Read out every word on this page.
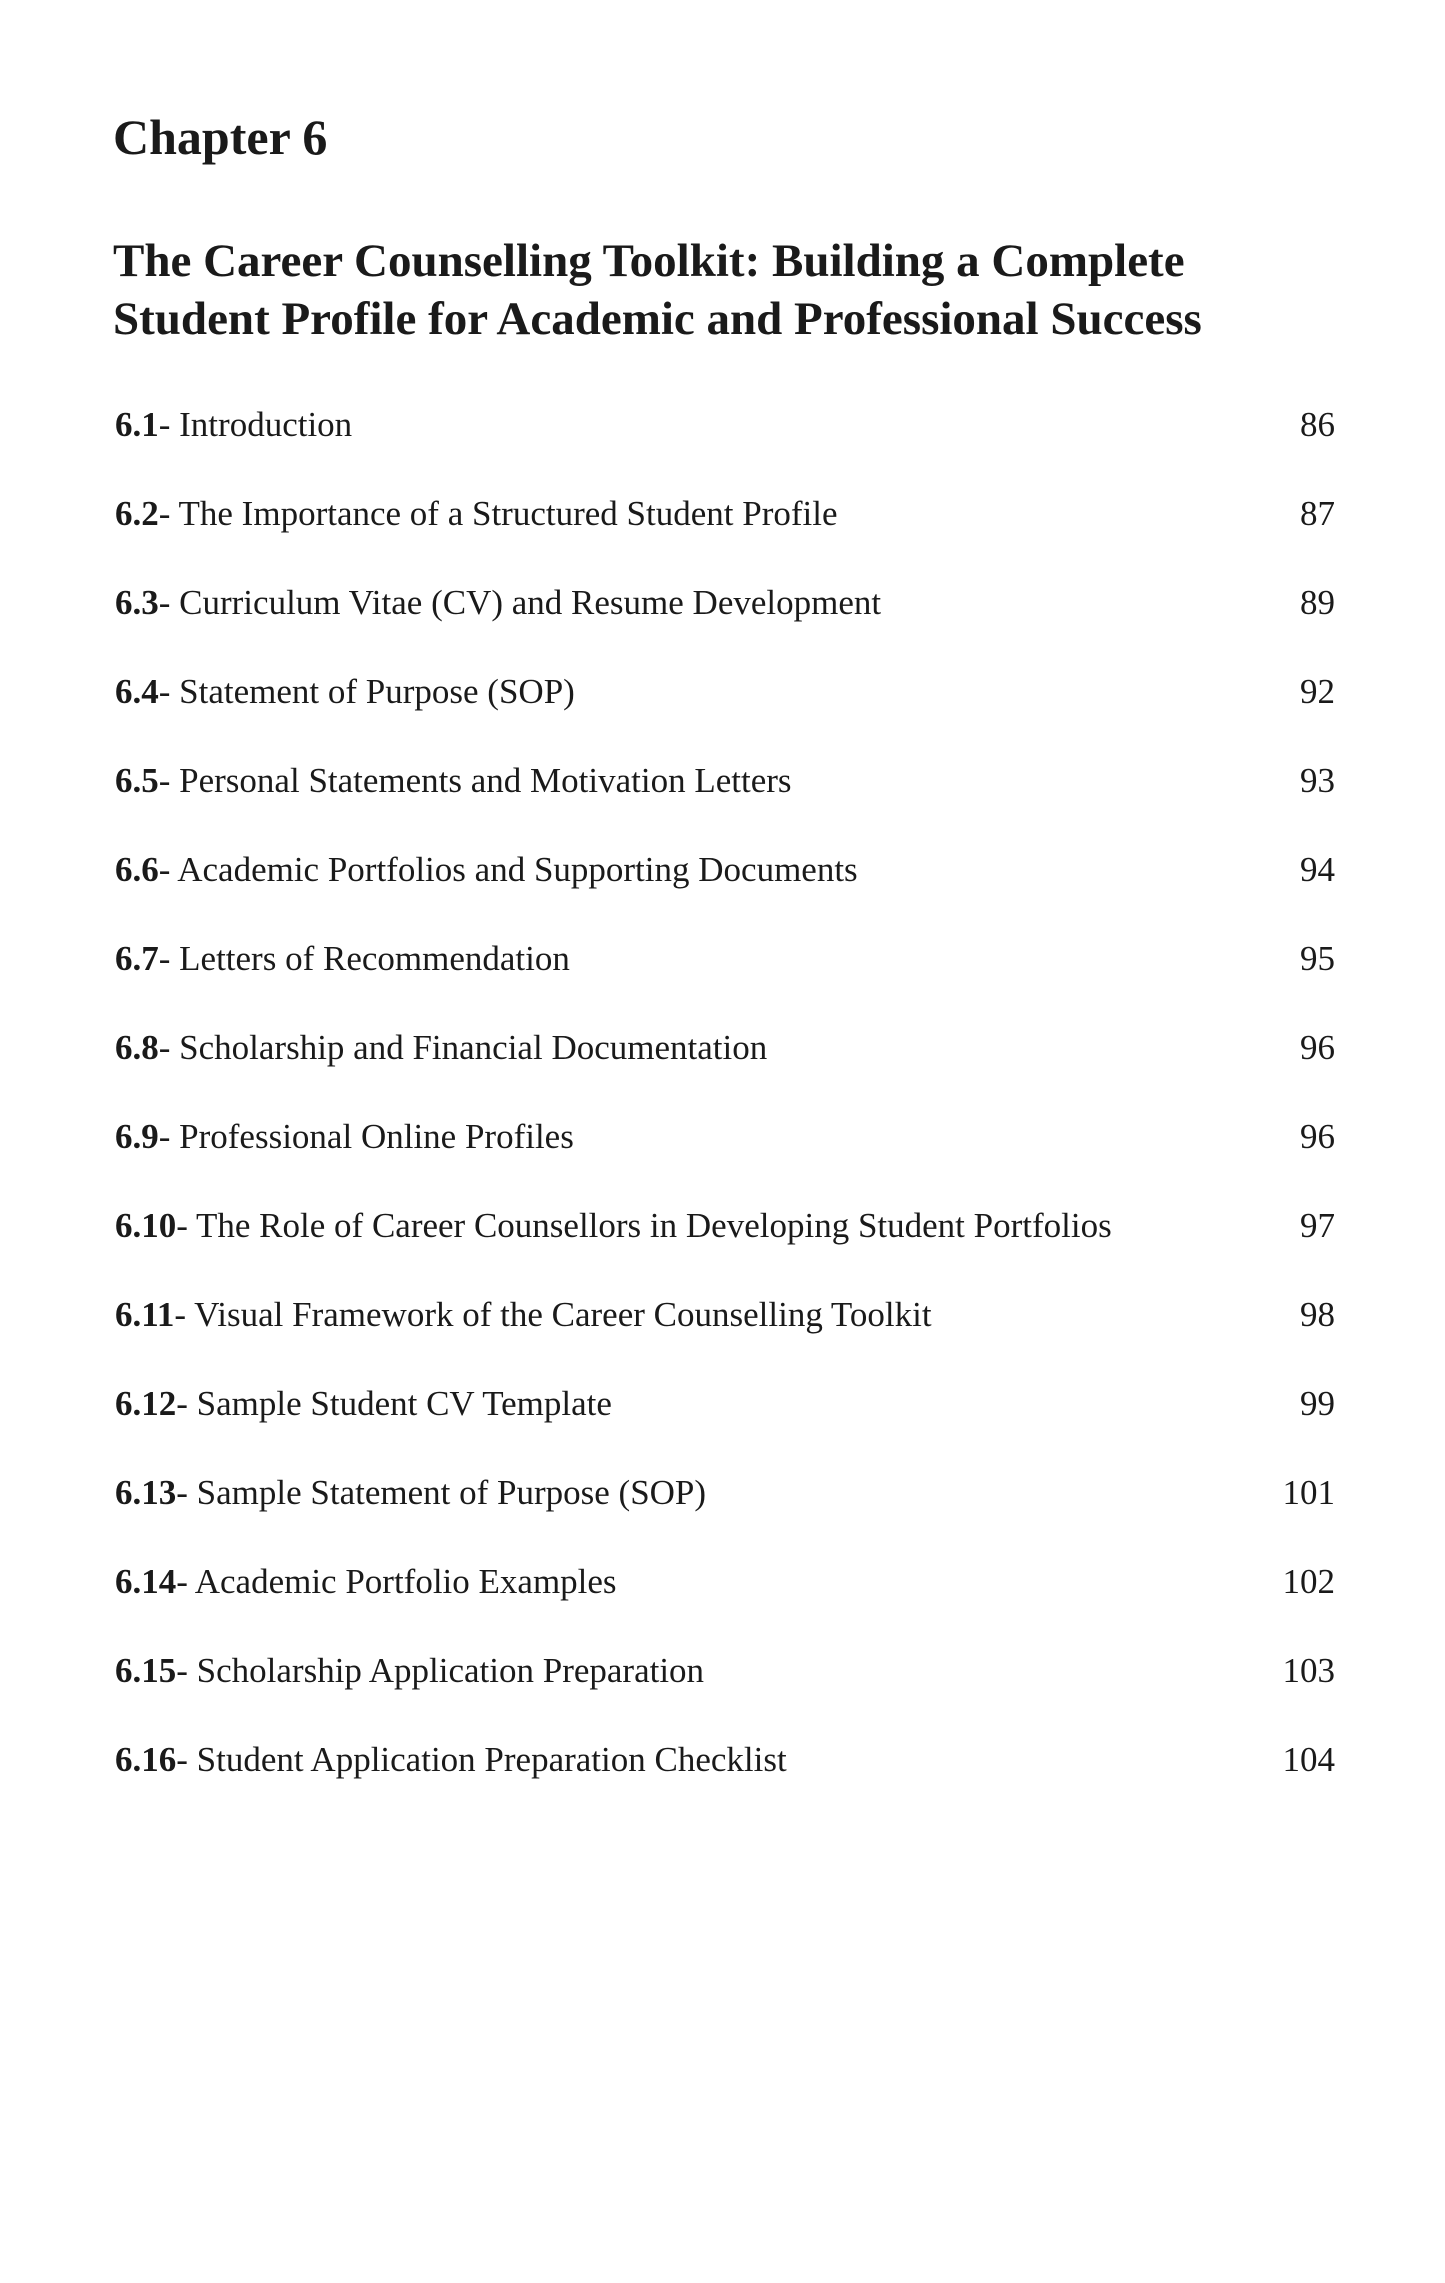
Chapter 6
The Career Counselling Toolkit: Building a Complete Student Profile for Academic and Professional Success
6.1- Introduction	86
6.2- The Importance of a Structured Student Profile	87
6.3- Curriculum Vitae (CV) and Resume Development	89
6.4- Statement of Purpose (SOP)	92
6.5- Personal Statements and Motivation Letters	93
6.6- Academic Portfolios and Supporting Documents	94
6.7- Letters of Recommendation	95
6.8- Scholarship and Financial Documentation	96
6.9- Professional Online Profiles	96
6.10- The Role of Career Counsellors in Developing Student Portfolios	97
6.11- Visual Framework of the Career Counselling Toolkit	98
6.12- Sample Student CV Template	99
6.13- Sample Statement of Purpose (SOP)	101
6.14- Academic Portfolio Examples	102
6.15- Scholarship Application Preparation	103
6.16- Student Application Preparation Checklist	104
